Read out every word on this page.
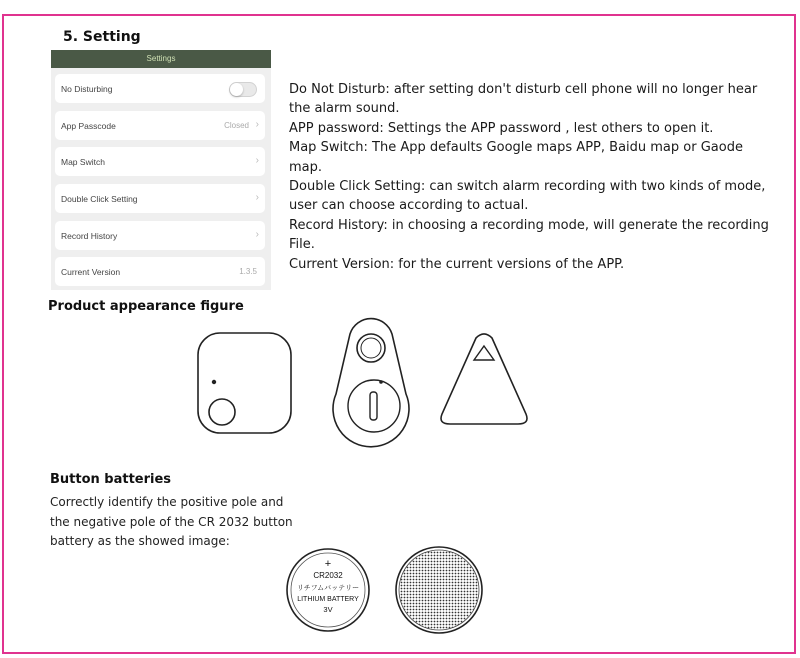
5. Setting
Settings
No Disturbing
App Passcode	Closed ›
Map Switch	›
Double Click Setting	›
Record History	›
Current Version	1.3.5

Do Not Disturb: after setting don't disturb cell phone will no longer hear the alarm sound.

APP password: Settings the APP password , lest others to open it.

Map Switch: The App defaults Google maps APP, Baidu map or Gaode map.

Double Click Setting: can switch alarm recording with two kinds of mode, user can choose according to actual.

Record History: in choosing a recording mode, will generate the recording File.

Current Version: for the current versions of the APP.

Product appearance figure
Button batteries
Correctly identify the positive pole and
the negative pole of the CR 2032 button
battery as the showed image:
+
CR2032
リチフムバッテリー
LITHIUM BATTERY
3V
